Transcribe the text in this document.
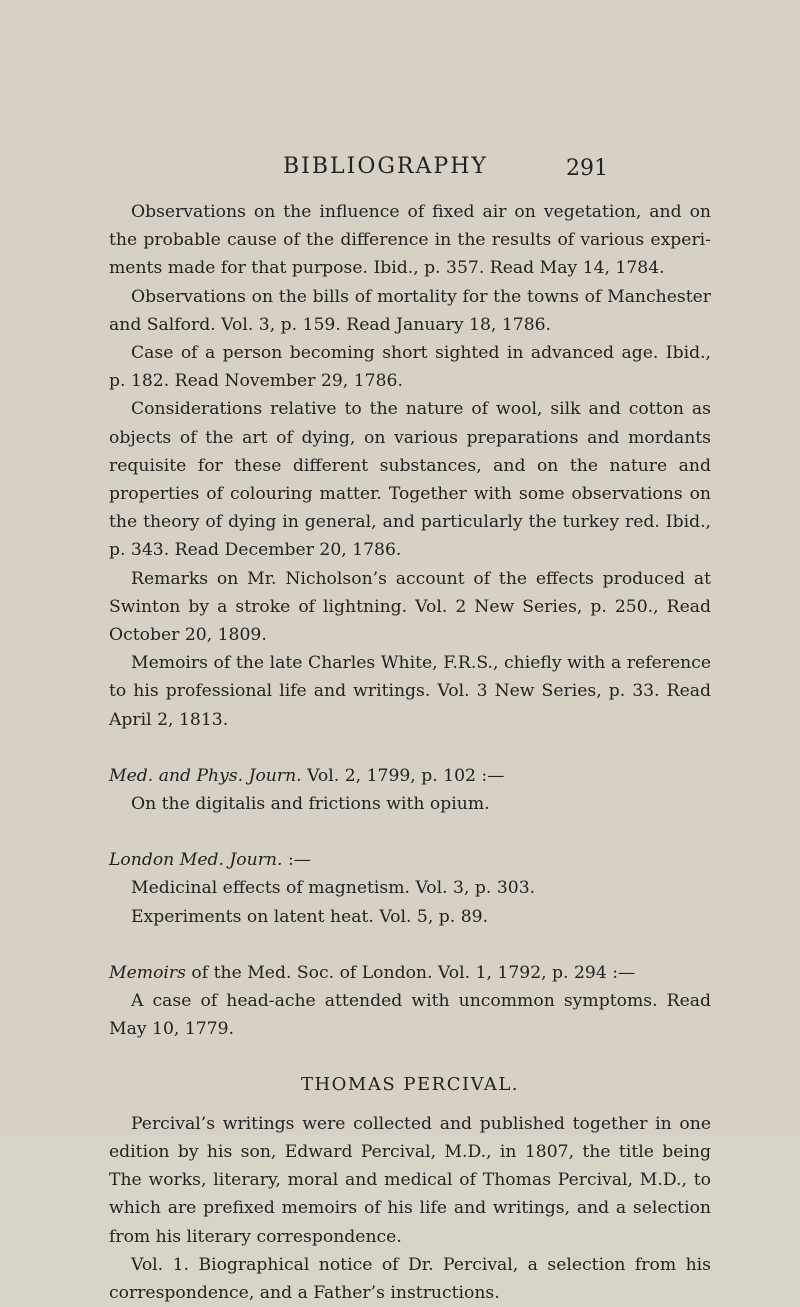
BIBLIOGRAPHY	291

Observations on the influence of fixed air on vegetation, and on the probable cause of the difference in the results of various experi-ments made for that purpose. Ibid., p. 357. Read May 14, 1784.

Observations on the bills of mortality for the towns of Manchester and Salford. Vol. 3, p. 159. Read January 18, 1786.

Case of a person becoming short sighted in advanced age. Ibid., p. 182. Read November 29, 1786.

Considerations relative to the nature of wool, silk and cotton as objects of the art of dying, on various preparations and mordants requisite for these different substances, and on the nature and properties of colouring matter. Together with some observations on the theory of dying in general, and particularly the turkey red. Ibid., p. 343. Read December 20, 1786.

Remarks on Mr. Nicholson’s account of the effects produced at Swinton by a stroke of lightning. Vol. 2 New Series, p. 250., Read October 20, 1809.

Memoirs of the late Charles White, F.R.S., chiefly with a reference to his professional life and writings. Vol. 3 New Series, p. 33. Read April 2, 1813.

Med. and Phys. Journ. Vol. 2, 1799, p. 102 :—

On the digitalis and frictions with opium.

London Med. Journ. :—

Medicinal effects of magnetism. Vol. 3, p. 303.

Experiments on latent heat. Vol. 5, p. 89.

Memoirs of the Med. Soc. of London. Vol. 1, 1792, p. 294 :—

A case of head-ache attended with uncommon symptoms. Read May 10, 1779.

THOMAS PERCIVAL.

Percival’s writings were collected and published together in one edition by his son, Edward Percival, M.D., in 1807, the title being The works, literary, moral and medical of Thomas Percival, M.D., to which are prefixed memoirs of his life and writings, and a selection from his literary correspondence.

Vol. 1. Biographical notice of Dr. Percival, a selection from his correspondence, and a Father’s instructions.
